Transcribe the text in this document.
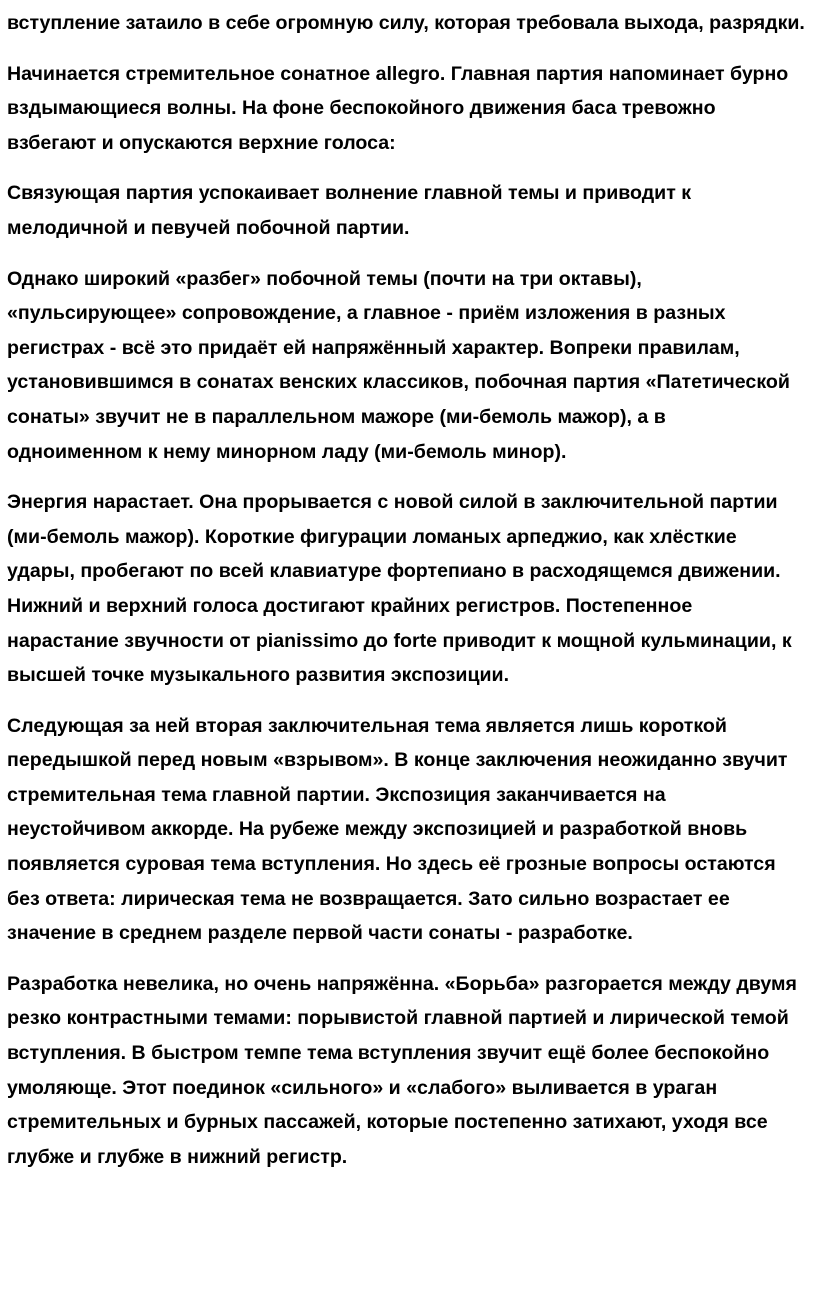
вступление затаило в себе огромную силу, которая требовала выхода, разрядки.

Начинается стремительное сонатное allegro. Главная партия напоминает бурно вздымающиеся волны. На фоне беспокойного движения баса тревожно взбегают и опускаются верхние голоса:

Связующая партия успокаивает волнение главной темы и приводит к мелодичной и певучей побочной партии.

Однако широкий «разбег» побочной темы (почти на три октавы), «пульсирующее» сопровождение, а главное - приём изложения в разных регистрах - всё это придаёт ей напряжённый характер. Вопреки правилам, установившимся в сонатах венских классиков, побочная партия «Патетической сонаты» звучит не в параллельном мажоре (ми-бемоль мажор), а в одноименном к нему минорном ладу (ми-бемоль минор).

Энергия нарастает. Она прорывается с новой силой в заключительной партии (ми-бемоль мажор). Короткие фигурации ломаных арпеджио, как хлёсткие удары, пробегают по всей клавиатуре фортепиано в расходящемся движении. Нижний и верхний голоса достигают крайних регистров. Постепенное нарастание звучности от pianissimo до forte приводит к мощной кульминации, к высшей точке музыкального развития экспозиции.

Следующая за ней вторая заключительная тема является лишь короткой передышкой перед новым «взрывом». В конце заключения неожиданно звучит стремительная тема главной партии. Экспозиция заканчивается на неустойчивом аккорде. На рубеже между экспозицией и разработкой вновь появляется суровая тема вступления. Но здесь её грозные вопросы остаются без ответа: лирическая тема не возвращается. Зато сильно возрастает ее значение в среднем разделе первой части сонаты - разработке.

Разработка невелика, но очень напряжённа. «Борьба» разгорается между двумя резко контрастными темами: порывистой главной партией и лирической темой вступления. В быстром темпе тема вступления звучит ещё более беспокойно умоляюще. Этот поединок «сильного» и «слабого» выливается в ураган стремительных и бурных пассажей, которые постепенно затихают, уходя все глубже и глубже в нижний регистр.
